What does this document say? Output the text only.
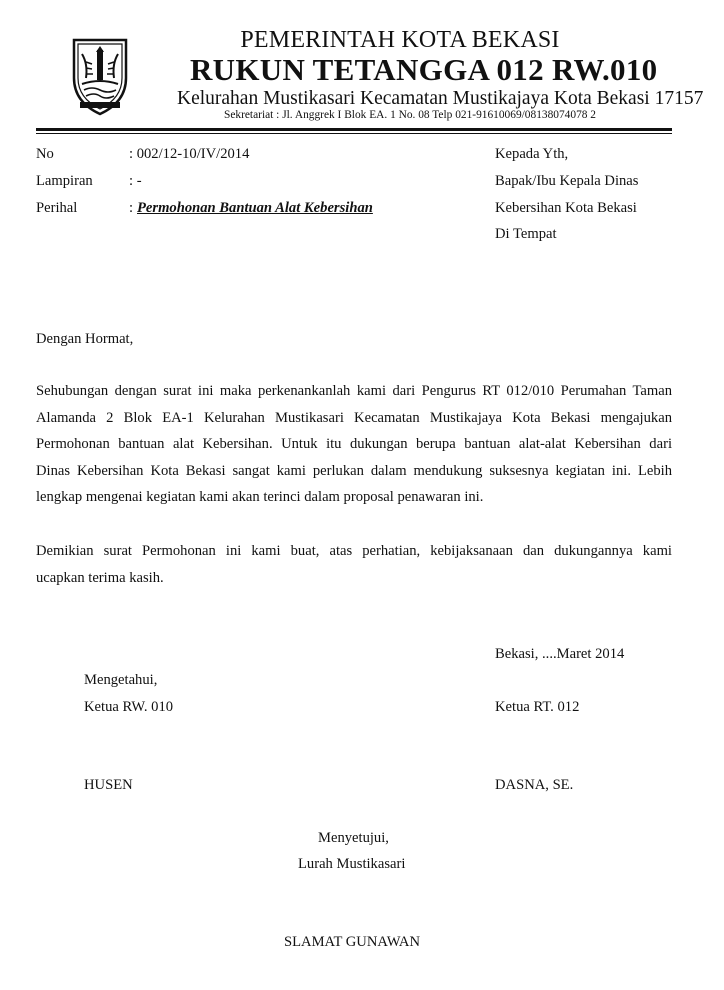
PEMERINTAH KOTA BEKASI
RUKUN TETANGGA 012 RW.010
Kelurahan Mustikasari Kecamatan Mustikajaya Kota Bekasi 17157
Sekretariat : Jl. Anggrek I Blok EA. 1 No. 08 Telp 021-91610069/08138074078 2
No	: 002/12-10/IV/2014
Lampiran : -
Perihal	: Permohonan Bantuan Alat Kebersihan
Kepada Yth,
Bapak/Ibu Kepala Dinas
Kebersihan Kota Bekasi
Di Tempat
Dengan Hormat,
Sehubungan dengan surat ini maka perkenankanlah kami dari Pengurus RT 012/010 Perumahan Taman
Alamanda 2 Blok EA-1 Kelurahan Mustikasari Kecamatan Mustikajaya Kota Bekasi mengajukan
Permohonan bantuan alat Kebersihan. Untuk itu dukungan berupa bantuan alat-alat Kebersihan dari
Dinas Kebersihan Kota Bekasi sangat kami perlukan dalam mendukung suksesnya kegiatan ini. Lebih
lengkap mengenai kegiatan kami akan terinci dalam proposal penawaran ini.
Demikian surat Permohonan ini kami buat, atas perhatian, kebijaksanaan dan dukungannya kami
ucapkan terima kasih.
Bekasi, ....Maret 2014
Mengetahui,
Ketua RW. 010	Ketua RT. 012
HUSEN	DASNA, SE.
Menyetujui,
Lurah Mustikasari
SLAMAT GUNAWAN
